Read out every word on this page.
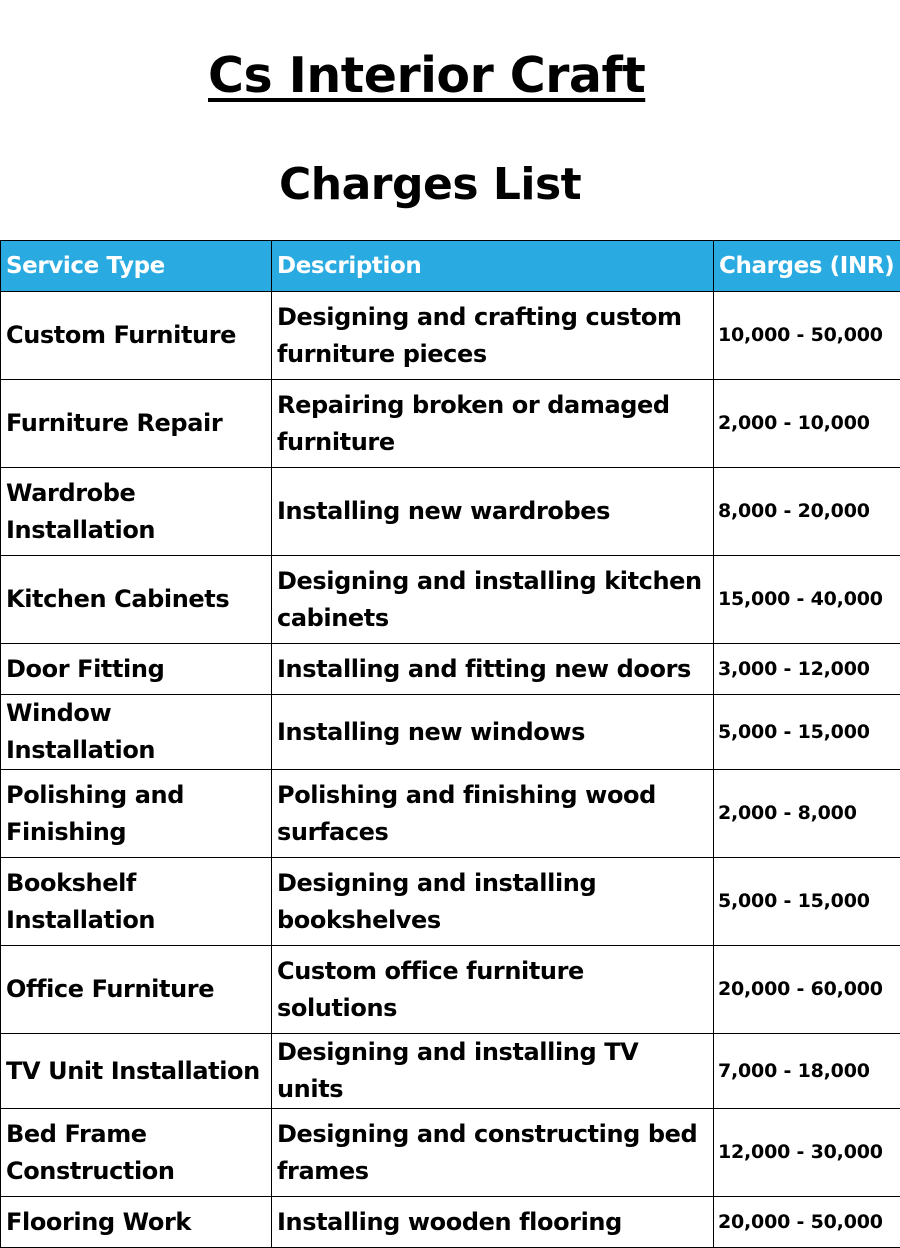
Cs Interior Craft
Charges List
Service Type	Description	Charges (INR)
Custom Furniture	Designing and crafting custom furniture pieces	10,000 - 50,000
Furniture Repair	Repairing broken or damaged furniture	2,000 - 10,000
Wardrobe Installation	Installing new wardrobes	8,000 - 20,000
Kitchen Cabinets	Designing and installing kitchen cabinets	15,000 - 40,000
Door Fitting	Installing and fitting new doors	3,000 - 12,000
Window Installation	Installing new windows	5,000 - 15,000
Polishing and Finishing	Polishing and finishing wood surfaces	2,000 - 8,000
Bookshelf Installation	Designing and installing bookshelves	5,000 - 15,000
Office Furniture	Custom office furniture solutions	20,000 - 60,000
TV Unit Installation	Designing and installing TV units	7,000 - 18,000
Bed Frame Construction	Designing and constructing bed frames	12,000 - 30,000
Flooring Work	Installing wooden flooring	20,000 - 50,000
